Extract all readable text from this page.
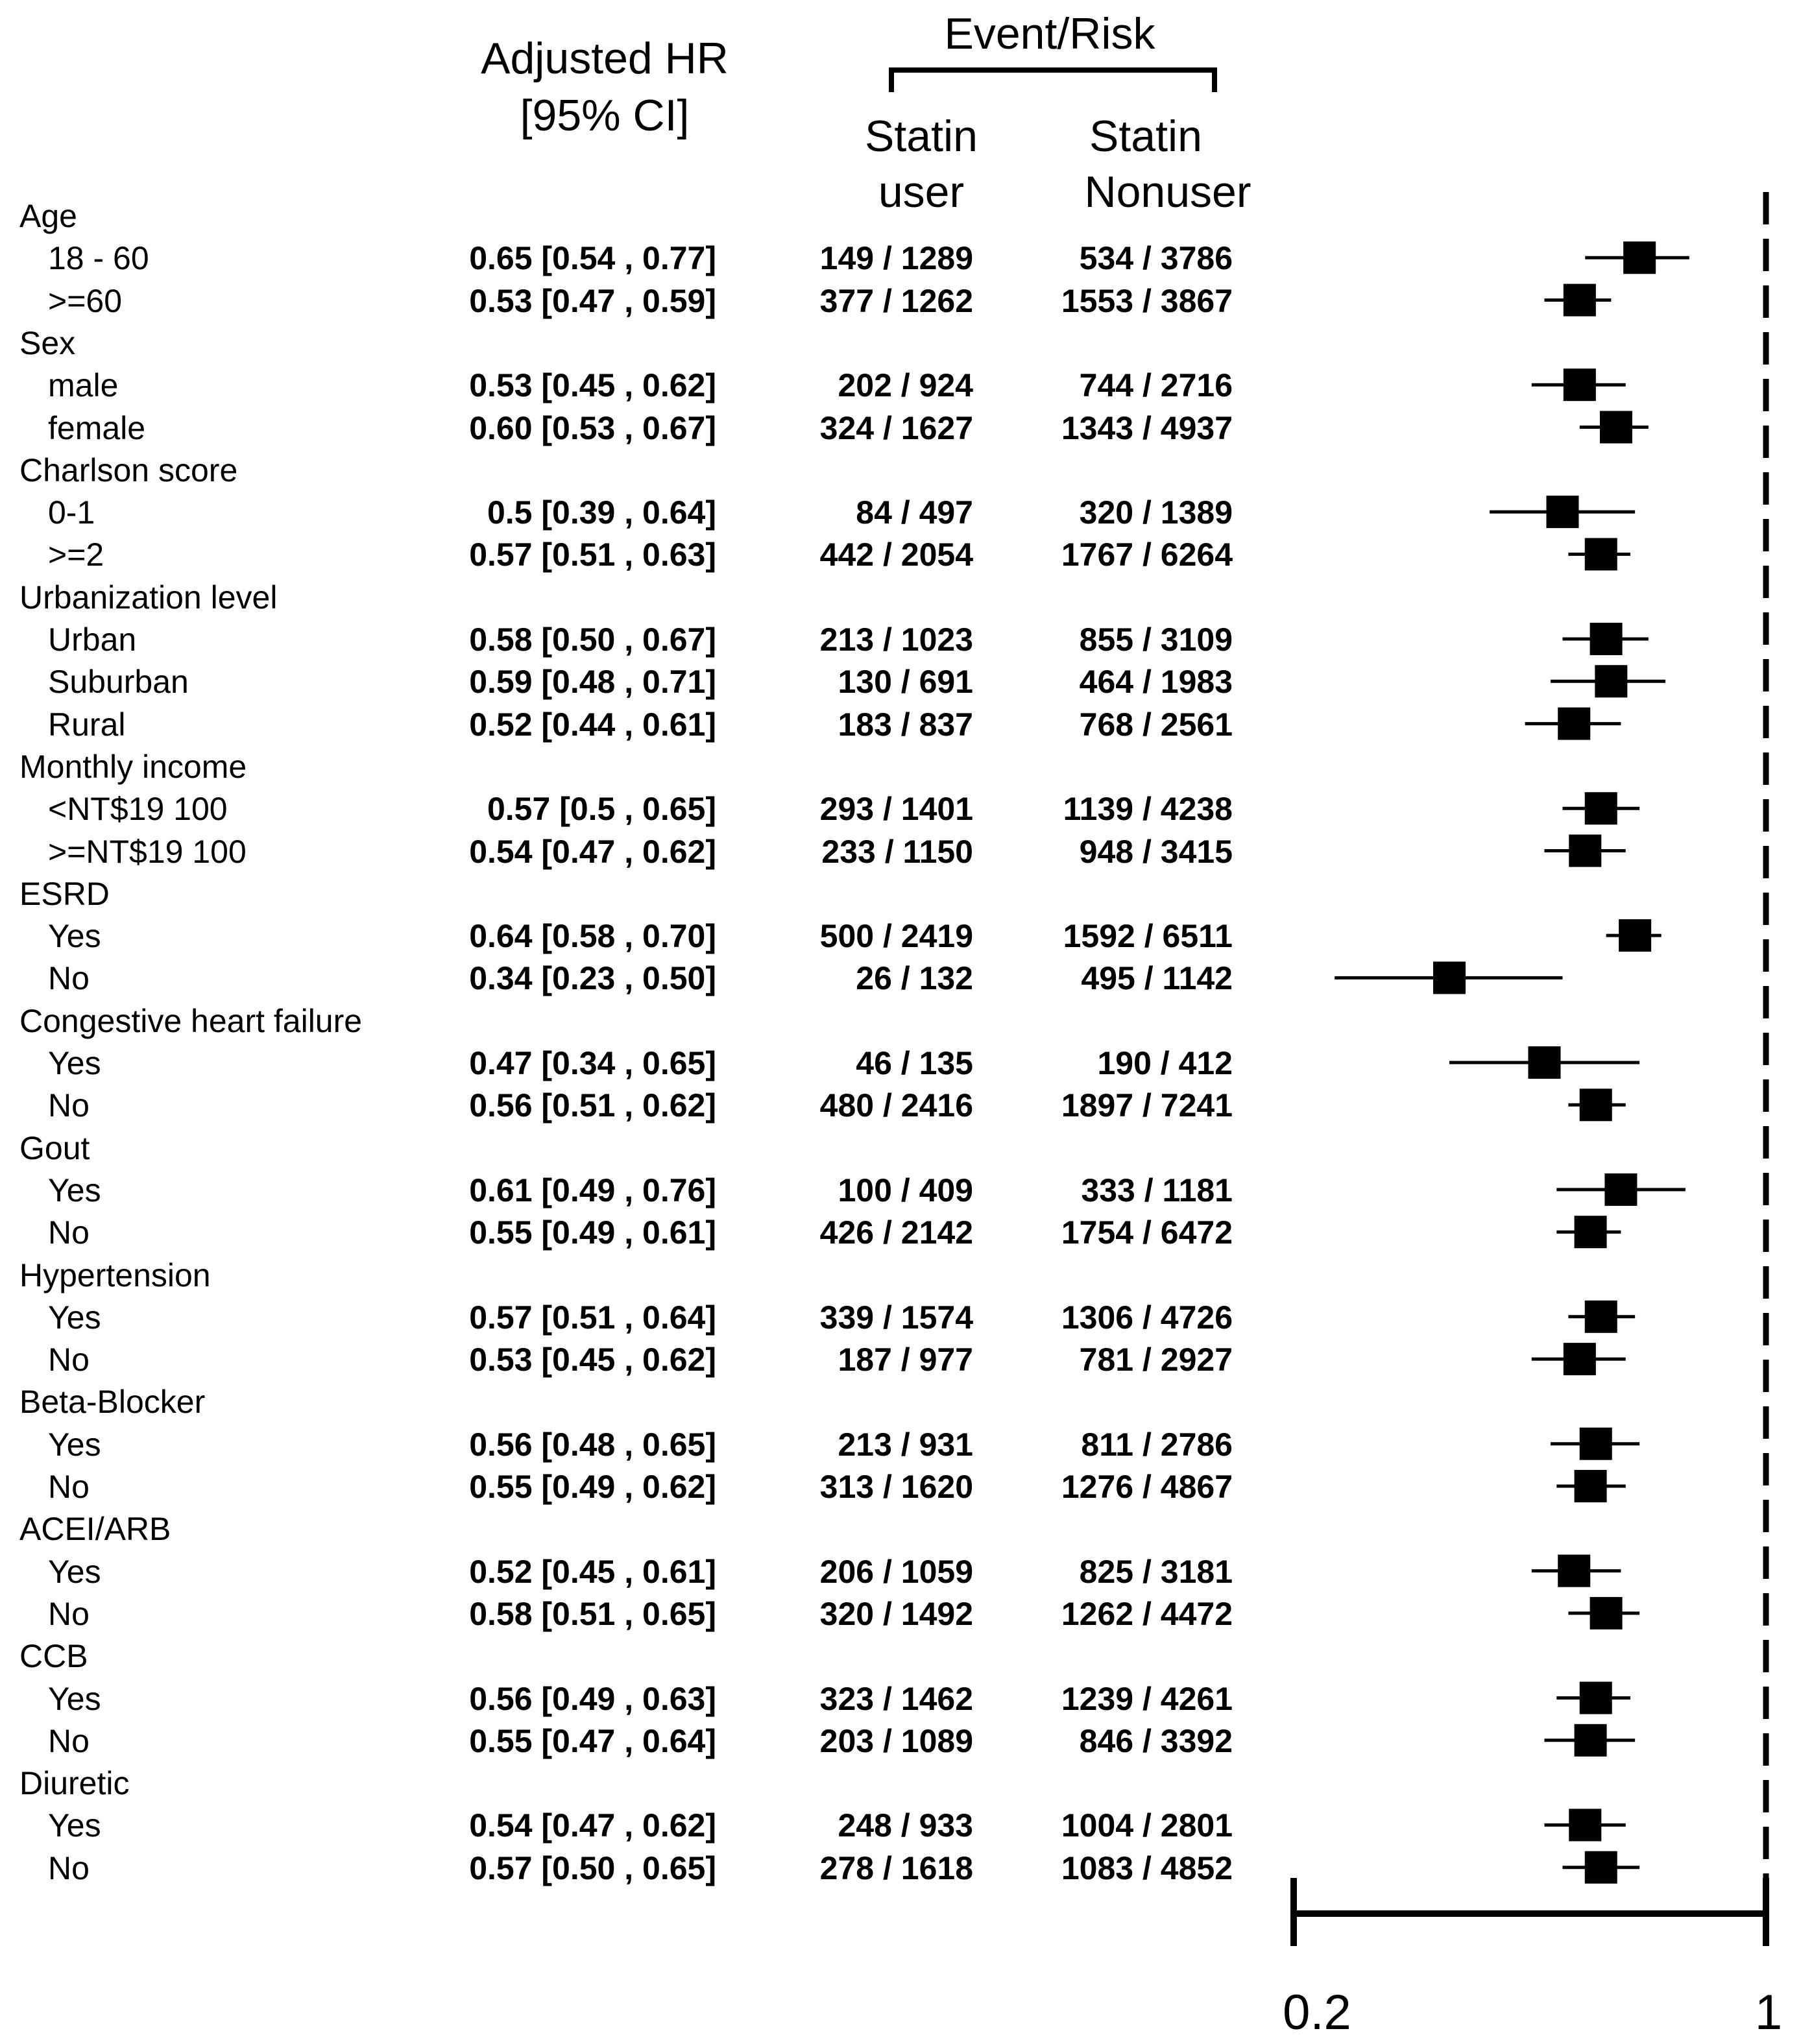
Adjusted HR
[95% CI]
Event/Risk
Statin
user
Statin
Nonuser
Age
18 - 60	0.65 [0.54 , 0.77]	149 / 1289	534 / 3786
>=60	0.53 [0.47 , 0.59]	377 / 1262	1553 / 3867
Sex
male	0.53 [0.45 , 0.62]	202 / 924	744 / 2716
female	0.60 [0.53 , 0.67]	324 / 1627	1343 / 4937
Charlson score
0-1	0.5 [0.39 , 0.64]	84 / 497	320 / 1389
>=2	0.57 [0.51 , 0.63]	442 / 2054	1767 / 6264
Urbanization level
Urban	0.58 [0.50 , 0.67]	213 / 1023	855 / 3109
Suburban	0.59 [0.48 , 0.71]	130 / 691	464 / 1983
Rural	0.52 [0.44 , 0.61]	183 / 837	768 / 2561
Monthly income
<NT$19 100	0.57 [0.5 , 0.65]	293 / 1401	1139 / 4238
>=NT$19 100	0.54 [0.47 , 0.62]	233 / 1150	948 / 3415
ESRD
Yes	0.64 [0.58 , 0.70]	500 / 2419	1592 / 6511
No	0.34 [0.23 , 0.50]	26 / 132	495 / 1142
Congestive heart failure
Yes	0.47 [0.34 , 0.65]	46 / 135	190 / 412
No	0.56 [0.51 , 0.62]	480 / 2416	1897 / 7241
Gout
Yes	0.61 [0.49 , 0.76]	100 / 409	333 / 1181
No	0.55 [0.49 , 0.61]	426 / 2142	1754 / 6472
Hypertension
Yes	0.57 [0.51 , 0.64]	339 / 1574	1306 / 4726
No	0.53 [0.45 , 0.62]	187 / 977	781 / 2927
Beta-Blocker
Yes	0.56 [0.48 , 0.65]	213 / 931	811 / 2786
No	0.55 [0.49 , 0.62]	313 / 1620	1276 / 4867
ACEI/ARB
Yes	0.52 [0.45 , 0.61]	206 / 1059	825 / 3181
No	0.58 [0.51 , 0.65]	320 / 1492	1262 / 4472
CCB
Yes	0.56 [0.49 , 0.63]	323 / 1462	1239 / 4261
No	0.55 [0.47 , 0.64]	203 / 1089	846 / 3392
Diuretic
Yes	0.54 [0.47 , 0.62]	248 / 933	1004 / 2801
No	0.57 [0.50 , 0.65]	278 / 1618	1083 / 4852
0.2	1
